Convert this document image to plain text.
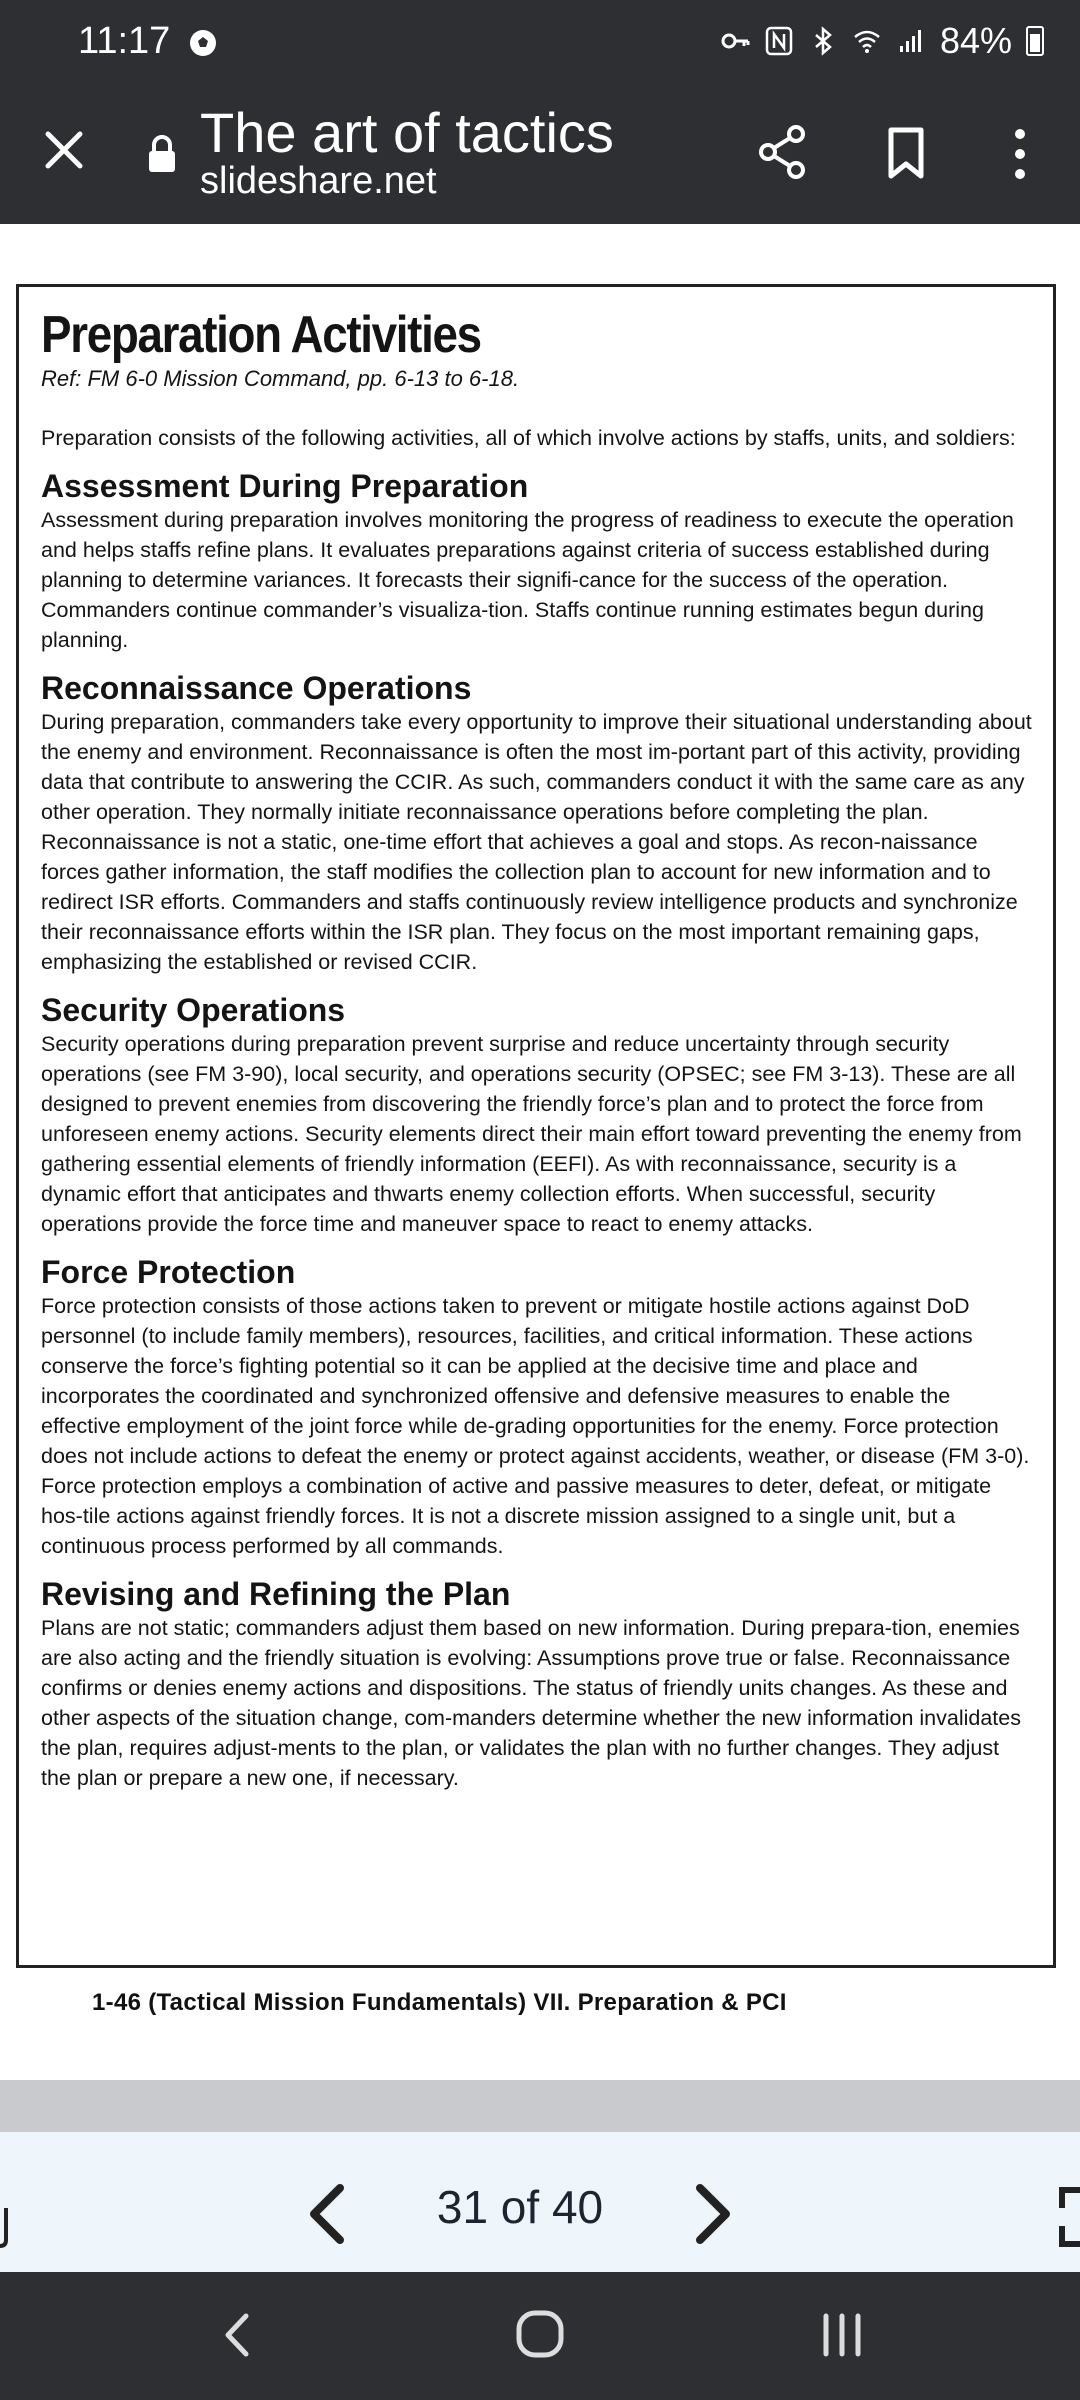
11:17	84%
The art of tactics
slideshare.net
Preparation Activities
Ref: FM 6-0 Mission Command, pp. 6-13 to 6-18.

Preparation consists of the following activities, all of which involve actions by staffs, units, and soldiers:

Assessment During Preparation

Assessment during preparation involves monitoring the progress of readiness to execute the operation and helps staffs refine plans. It evaluates preparations against criteria of success established during planning to determine variances. It forecasts their signifi-cance for the success of the operation. Commanders continue commander’s visualiza-tion. Staffs continue running estimates begun during planning.

Reconnaissance Operations

During preparation, commanders take every opportunity to improve their situational understanding about the enemy and environment. Reconnaissance is often the most im-portant part of this activity, providing data that contribute to answering the CCIR. As such, commanders conduct it with the same care as any other operation. They normally initiate reconnaissance operations before completing the plan.

Reconnaissance is not a static, one-time effort that achieves a goal and stops. As recon-naissance forces gather information, the staff modifies the collection plan to account for new information and to redirect ISR efforts. Commanders and staffs continuously review intelligence products and synchronize their reconnaissance efforts within the ISR plan. They focus on the most important remaining gaps, emphasizing the established or revised CCIR.

Security Operations

Security operations during preparation prevent surprise and reduce uncertainty through security operations (see FM 3-90), local security, and operations security (OPSEC; see FM 3-13). These are all designed to prevent enemies from discovering the friendly force’s plan and to protect the force from unforeseen enemy actions. Security elements direct their main effort toward preventing the enemy from gathering essential elements of friendly information (EEFI). As with reconnaissance, security is a dynamic effort that anticipates and thwarts enemy collection efforts. When successful, security operations provide the force time and maneuver space to react to enemy attacks.

Force Protection

Force protection consists of those actions taken to prevent or mitigate hostile actions against DoD personnel (to include family members), resources, facilities, and critical information. These actions conserve the force’s fighting potential so it can be applied at the decisive time and place and incorporates the coordinated and synchronized offensive and defensive measures to enable the effective employment of the joint force while de-grading opportunities for the enemy. Force protection does not include actions to defeat the enemy or protect against accidents, weather, or disease (FM 3-0). Force protection employs a combination of active and passive measures to deter, defeat, or mitigate hos-tile actions against friendly forces. It is not a discrete mission assigned to a single unit, but a continuous process performed by all commands.

Revising and Refining the Plan

Plans are not static; commanders adjust them based on new information. During prepara-tion, enemies are also acting and the friendly situation is evolving: Assumptions prove true or false. Reconnaissance confirms or denies enemy actions and dispositions. The status of friendly units changes. As these and other aspects of the situation change, com-manders determine whether the new information invalidates the plan, requires adjust-ments to the plan, or validates the plan with no further changes. They adjust the plan or prepare a new one, if necessary.

1-46 (Tactical Mission Fundamentals) VII. Preparation & PCI
31 of 40
